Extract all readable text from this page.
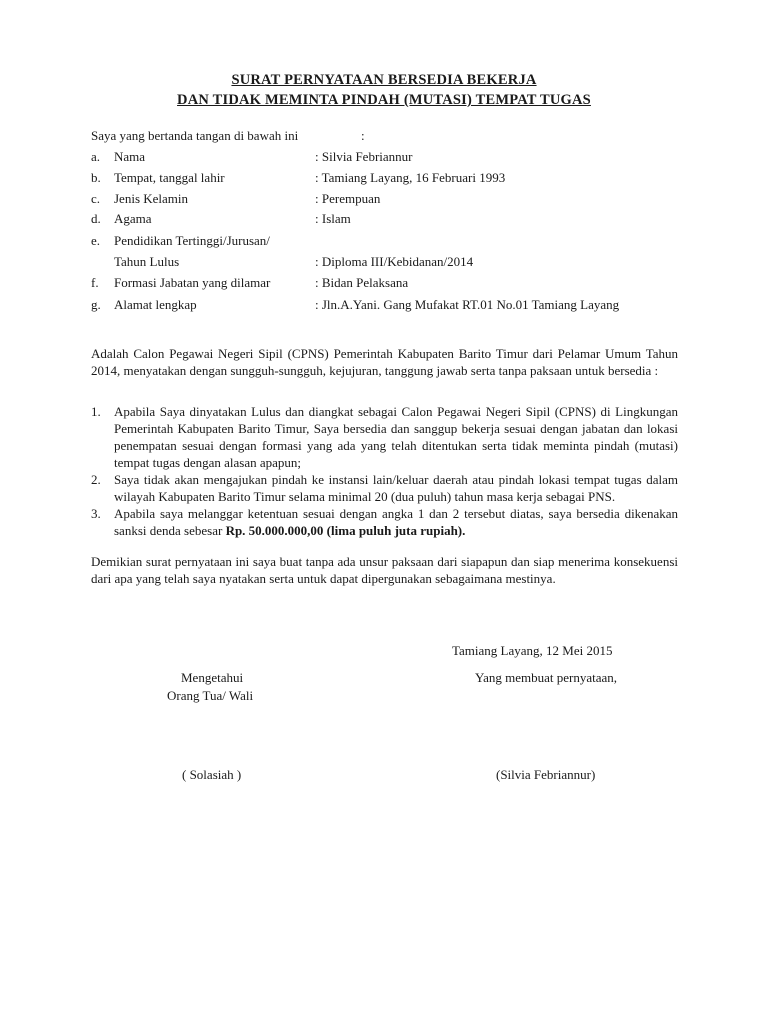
SURAT PERNYATAAN BERSEDIA BEKERJA
DAN TIDAK MEMINTA PINDAH (MUTASI) TEMPAT TUGAS
Saya yang bertanda tangan di bawah ini	:
a. Nama	: Silvia Febriannur
b. Tempat, tanggal lahir	: Tamiang Layang, 16 Februari 1993
c. Jenis Kelamin	: Perempuan
d. Agama	: Islam
e. Pendidikan Tertinggi/Jurusan/
Tahun Lulus	: Diploma III/Kebidanan/2014
f. Formasi Jabatan yang dilamar	: Bidan Pelaksana
g. Alamat lengkap	: Jln.A.Yani. Gang Mufakat RT.01 No.01 Tamiang Layang

Adalah Calon Pegawai Negeri Sipil (CPNS) Pemerintah Kabupaten Barito Timur dari Pelamar Umum Tahun 2014, menyatakan dengan sungguh-sungguh, kejujuran, tanggung jawab serta tanpa paksaan untuk bersedia :

1. Apabila Saya dinyatakan Lulus dan diangkat sebagai Calon Pegawai Negeri Sipil (CPNS) di Lingkungan Pemerintah Kabupaten Barito Timur, Saya bersedia dan sanggup bekerja sesuai dengan jabatan dan lokasi penempatan sesuai dengan formasi yang ada yang telah ditentukan serta tidak meminta pindah (mutasi) tempat tugas dengan alasan apapun;
2. Saya tidak akan mengajukan pindah ke instansi lain/keluar daerah atau pindah lokasi tempat tugas dalam wilayah Kabupaten Barito Timur selama minimal 20 (dua puluh) tahun masa kerja sebagai PNS.
3. Apabila saya melanggar ketentuan sesuai dengan angka 1 dan 2 tersebut diatas, saya bersedia dikenakan sanksi denda sebesar Rp. 50.000.000,00 (lima puluh juta rupiah).

Demikian surat pernyataan ini saya buat tanpa ada unsur paksaan dari siapapun dan siap menerima konsekuensi dari apa yang telah saya nyatakan serta untuk dapat dipergunakan sebagaimana mestinya.

Tamiang Layang, 12 Mei 2015
Mengetahui
Orang Tua/ Wali
Yang membuat pernyataan,
( Solasiah )	(Silvia Febriannur)
